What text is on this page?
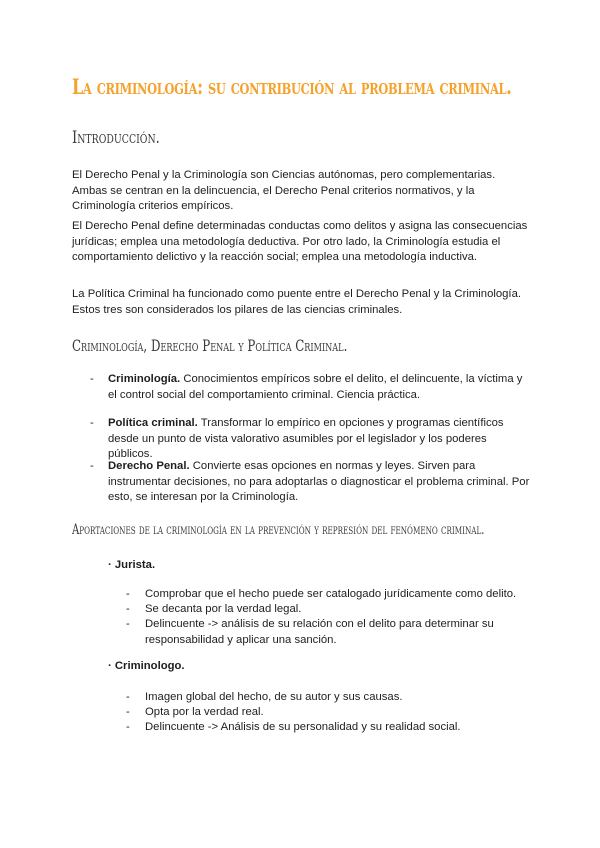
La criminología: su contribución al problema criminal.
Introducción.

El Derecho Penal y la Criminología son Ciencias autónomas, pero complementarias. Ambas se centran en la delincuencia, el Derecho Penal criterios normativos, y la Criminología criterios empíricos.

El Derecho Penal define determinadas conductas como delitos y asigna las consecuencias jurídicas; emplea una metodología deductiva. Por otro lado, la Criminología estudia el comportamiento delictivo y la reacción social; emplea una metodología inductiva.

La Política Criminal ha funcionado como puente entre el Derecho Penal y la Criminología. Estos tres son considerados los pilares de las ciencias criminales.

Criminología, Derecho Penal y Política Criminal.
- Criminología. Conocimientos empíricos sobre el delito, el delincuente, la víctima y el control social del comportamiento criminal. Ciencia práctica.
- Política criminal. Transformar lo empírico en opciones y programas científicos desde un punto de vista valorativo asumibles por el legislador y los poderes públicos.
- Derecho Penal. Convierte esas opciones en normas y leyes. Sirven para instrumentar decisiones, no para adoptarlas o diagnosticar el problema criminal. Por esto, se interesan por la Criminología.
Aportaciones de la criminología en la prevención y represión del fenómeno criminal.

· Jurista.

- Comprobar que el hecho puede ser catalogado jurídicamente como delito.
- Se decanta por la verdad legal.
- Delincuente -> análisis de su relación con el delito para determinar su responsabilidad y aplicar una sanción.

· Criminologo.

- Imagen global del hecho, de su autor y sus causas.
- Opta por la verdad real.
- Delincuente -> Análisis de su personalidad y su realidad social.
